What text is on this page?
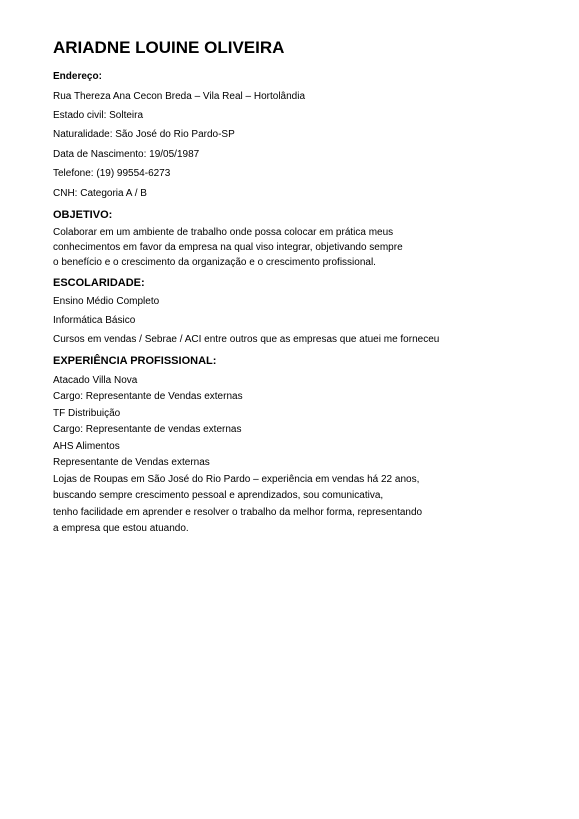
ARIADNE LOUINE OLIVEIRA

Endereço:

Rua Thereza Ana Cecon Breda – Vila Real – Hortolândia

Estado civil: Solteira

Naturalidade: São José do Rio Pardo-SP

Data de Nascimento: 19/05/1987

Telefone: (19) 99554-6273

CNH: Categoria A / B

OBJETIVO:

Colaborar em um ambiente de trabalho onde possa colocar em prática meus

conhecimentos em favor da empresa na qual viso integrar, objetivando sempre

o benefício e o crescimento da organização e o crescimento profissional.

ESCOLARIDADE:

Ensino Médio Completo

Informática Básico

Cursos em vendas / Sebrae / ACI entre outros que as empresas que atuei me forneceu

EXPERIÊNCIA PROFISSIONAL:

Atacado Villa Nova

Cargo: Representante de Vendas externas

TF Distribuição

Cargo: Representante de vendas externas

AHS Alimentos

Representante de Vendas externas

Lojas de Roupas em São José do Rio Pardo – experiência em vendas há 22 anos,

buscando sempre crescimento pessoal e aprendizados, sou comunicativa,

tenho facilidade em aprender e resolver o trabalho da melhor forma, representando

a empresa que estou atuando.
